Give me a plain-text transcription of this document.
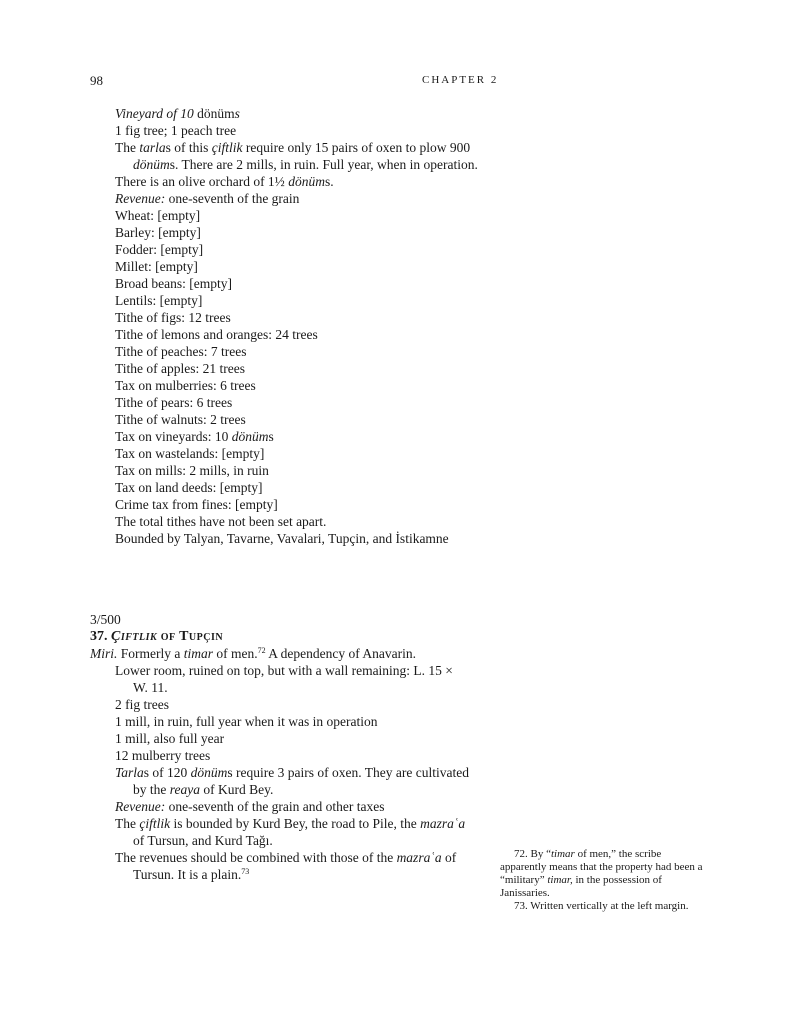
98	CHAPTER 2

Vineyard of 10 dönüms

1 fig tree; 1 peach tree

The tarlas of this çiftlik require only 15 pairs of oxen to plow 900 dönüms. There are 2 mills, in ruin. Full year, when in operation.

There is an olive orchard of 1½ dönüms.

Revenue: one-seventh of the grain

Wheat: [empty]

Barley: [empty]

Fodder: [empty]

Millet: [empty]

Broad beans: [empty]

Lentils: [empty]

Tithe of figs: 12 trees

Tithe of lemons and oranges: 24 trees

Tithe of peaches: 7 trees

Tithe of apples: 21 trees

Tax on mulberries: 6 trees

Tithe of pears: 6 trees

Tithe of walnuts: 2 trees

Tax on vineyards: 10 dönüms

Tax on wastelands: [empty]

Tax on mills: 2 mills, in ruin

Tax on land deeds: [empty]

Crime tax from fines: [empty]

The total tithes have not been set apart.

Bounded by Talyan, Tavarne, Vavalari, Tupçin, and İstikamne

3/500

37. Çiftlik of Tupçin

Miri. Formerly a timar of men.$^{72}$ A dependency of Anavarin.

Lower room, ruined on top, but with a wall remaining: L. 15 × W. 11.

2 fig trees

1 mill, in ruin, full year when it was in operation

1 mill, also full year

12 mulberry trees

Tarlas of 120 dönüms require 3 pairs of oxen. They are cultivated by the reaya of Kurd Bey.

Revenue: one-seventh of the grain and other taxes

The çiftlik is bounded by Kurd Bey, the road to Pile, the mazraʿa of Tursun, and Kurd Tağı.

The revenues should be combined with those of the mazraʿa of Tursun. It is a plain.$^{73}$

72. By “timar of men,” the scribe apparently means that the property had been a “military” timar, in the possession of Janissaries.

73. Written vertically at the left margin.
